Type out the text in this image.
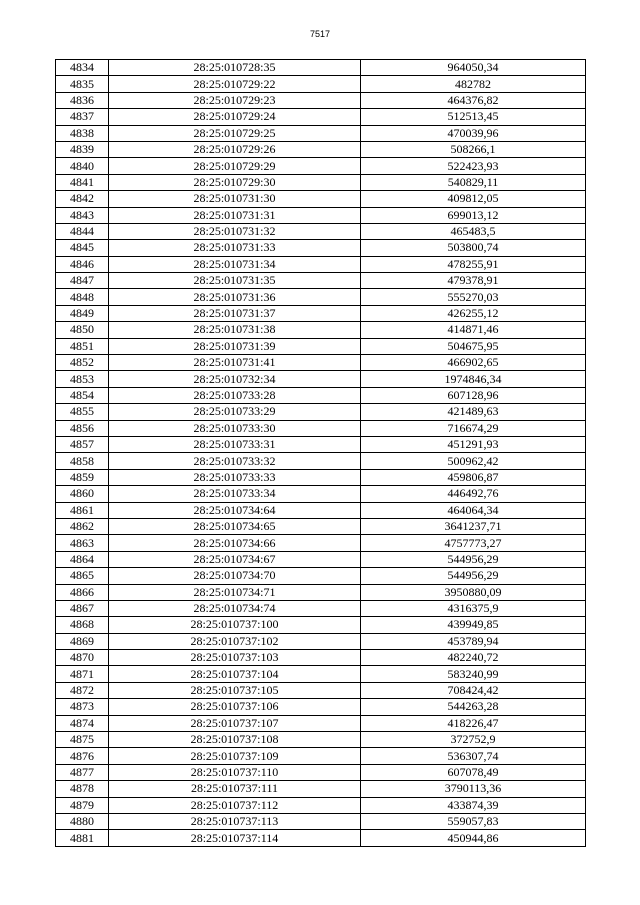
7517
4834	28:25:010728:35	964050,34
4835	28:25:010729:22	482782
4836	28:25:010729:23	464376,82
4837	28:25:010729:24	512513,45
4838	28:25:010729:25	470039,96
4839	28:25:010729:26	508266,1
4840	28:25:010729:29	522423,93
4841	28:25:010729:30	540829,11
4842	28:25:010731:30	409812,05
4843	28:25:010731:31	699013,12
4844	28:25:010731:32	465483,5
4845	28:25:010731:33	503800,74
4846	28:25:010731:34	478255,91
4847	28:25:010731:35	479378,91
4848	28:25:010731:36	555270,03
4849	28:25:010731:37	426255,12
4850	28:25:010731:38	414871,46
4851	28:25:010731:39	504675,95
4852	28:25:010731:41	466902,65
4853	28:25:010732:34	1974846,34
4854	28:25:010733:28	607128,96
4855	28:25:010733:29	421489,63
4856	28:25:010733:30	716674,29
4857	28:25:010733:31	451291,93
4858	28:25:010733:32	500962,42
4859	28:25:010733:33	459806,87
4860	28:25:010733:34	446492,76
4861	28:25:010734:64	464064,34
4862	28:25:010734:65	3641237,71
4863	28:25:010734:66	4757773,27
4864	28:25:010734:67	544956,29
4865	28:25:010734:70	544956,29
4866	28:25:010734:71	3950880,09
4867	28:25:010734:74	4316375,9
4868	28:25:010737:100	439949,85
4869	28:25:010737:102	453789,94
4870	28:25:010737:103	482240,72
4871	28:25:010737:104	583240,99
4872	28:25:010737:105	708424,42
4873	28:25:010737:106	544263,28
4874	28:25:010737:107	418226,47
4875	28:25:010737:108	372752,9
4876	28:25:010737:109	536307,74
4877	28:25:010737:110	607078,49
4878	28:25:010737:111	3790113,36
4879	28:25:010737:112	433874,39
4880	28:25:010737:113	559057,83
4881	28:25:010737:114	450944,86
